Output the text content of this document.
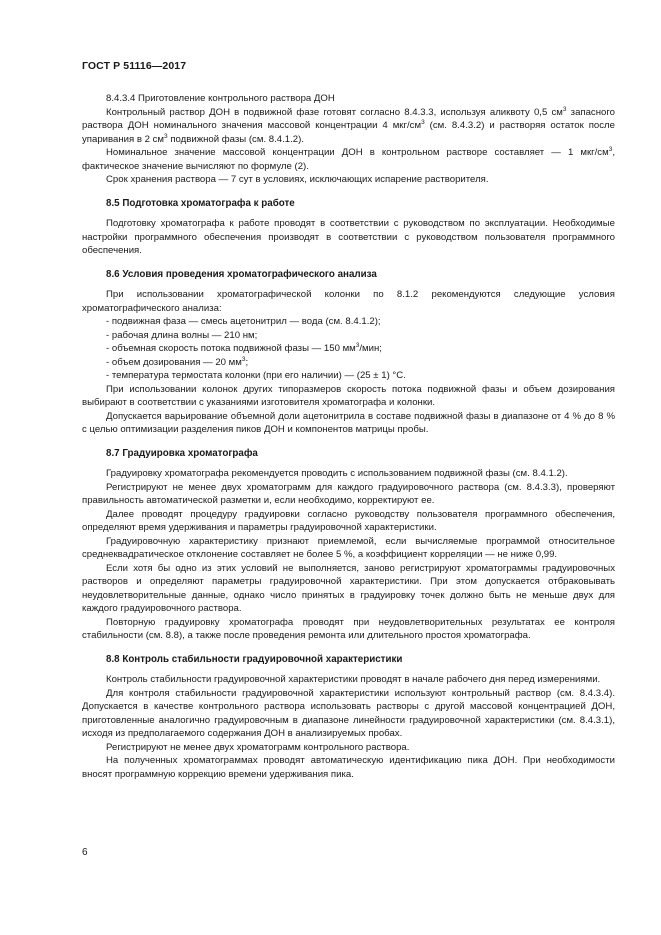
ГОСТ Р 51116—2017

8.4.3.4 Приготовление контрольного раствора ДОН

Контрольный раствор ДОН в подвижной фазе готовят согласно 8.4.3.3, используя аликвоту 0,5 $см^3$ запасного раствора ДОН номинального значения массовой концентрации 4 мкг/$см^3$ (см. 8.4.3.2) и растворяя остаток после упаривания в 2 $см^3$ подвижной фазы (см. 8.4.1.2).

Номинальное значение массовой концентрации ДОН в контрольном растворе составляет — 1 мкг/$см^3$, фактическое значение вычисляют по формуле (2).

Срок хранения раствора — 7 сут в условиях, исключающих испарение растворителя.

8.5 Подготовка хроматографа к работе

Подготовку хроматографа к работе проводят в соответствии с руководством по эксплуатации. Необходимые настройки программного обеспечения производят в соответствии с руководством пользователя программного обеспечения.

8.6 Условия проведения хроматографического анализа

При использовании хроматографической колонки по 8.1.2 рекомендуются следующие условия хроматографического анализа:

- подвижная фаза — смесь ацетонитрил — вода (см. 8.4.1.2);

- рабочая длина волны — 210 нм;

- объемная скорость потока подвижной фазы — 150 $мм^3$/мин;

- объем дозирования — 20 $мм^3$;

- температура термостата колонки (при его наличии) — (25 ± 1) °С.

При использовании колонок других типоразмеров скорость потока подвижной фазы и объем дозирования выбирают в соответствии с указаниями изготовителя хроматографа и колонки.

Допускается варьирование объемной доли ацетонитрила в составе подвижной фазы в диапазоне от 4 % до 8 % с целью оптимизации разделения пиков ДОН и компонентов матрицы пробы.

8.7 Градуировка хроматографа

Градуировку хроматографа рекомендуется проводить с использованием подвижной фазы (см. 8.4.1.2).

Регистрируют не менее двух хроматограмм для каждого градуировочного раствора (см. 8.4.3.3), проверяют правильность автоматической разметки и, если необходимо, корректируют ее.

Далее проводят процедуру градуировки согласно руководству пользователя программного обеспечения, определяют время удерживания и параметры градуировочной характеристики.

Градуировочную характеристику признают приемлемой, если вычисляемые программой относительное среднеквадратическое отклонение составляет не более 5 %, а коэффициент корреляции — не ниже 0,99.

Если хотя бы одно из этих условий не выполняется, заново регистрируют хроматограммы градуировочных растворов и определяют параметры градуировочной характеристики. При этом допускается отбраковывать неудовлетворительные данные, однако число принятых в градуировку точек должно быть не меньше двух для каждого градуировочного раствора.

Повторную градуировку хроматографа проводят при неудовлетворительных результатах ее контроля стабильности (см. 8.8), а также после проведения ремонта или длительного простоя хроматографа.

8.8 Контроль стабильности градуировочной характеристики

Контроль стабильности градуировочной характеристики проводят в начале рабочего дня перед измерениями.

Для контроля стабильности градуировочной характеристики используют контрольный раствор (см. 8.4.3.4). Допускается в качестве контрольного раствора использовать растворы с другой массовой концентрацией ДОН, приготовленные аналогично градуировочным в диапазоне линейности градуировочной характеристики (см. 8.4.3.1), исходя из предполагаемого содержания ДОН в анализируемых пробах.

Регистрируют не менее двух хроматограмм контрольного раствора.

На полученных хроматограммах проводят автоматическую идентификацию пика ДОН. При необходимости вносят программную коррекцию времени удерживания пика.

6
